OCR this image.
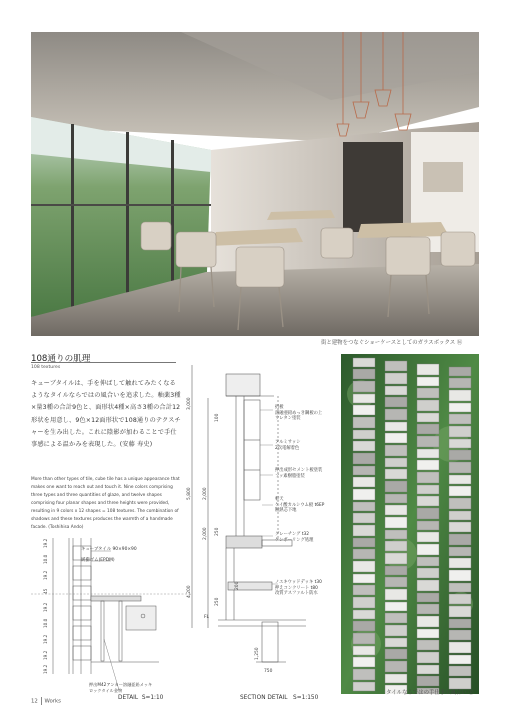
街と建物をつなぐショーケースとしてのガラスボックス ⑯
108通りの肌理
108 textures
キューブタイルは、手を伸ばして触れてみたくなるようなタイルならではの風合いを追求した。釉薬3種×量3種の合計9色と、面形状4種×高さ3種の合計12形状を用意し、9色×12面形状で108通りのテクスチャーを生み出した。これに陰影が加わることで手仕事感による温かみを表現した。(安藤 寿史)
More than other types of tile, cube tile has a unique appearance that makes one want to reach out and touch it. Nine colors comprising three types and three quantities of glaze, and twelve shapes comprising four planar shapes and three heights were provided, resulting in 9 colors x 12 shapes = 108 textures. The combination of shadows and these textures produces the warmth of a handmade facade. (Toshihisa Ando)
19.2
10.0
19.2
45
19.2
10.0
19.2
19.2
19.2
キューブタイル 90×90×90
緩衝ゴム(EPDM)
押出M42アンカー溶融亜鉛メッキ
ロックタイル金物
DETAIL S=1:10
3,000
5,800	2,000
2,000
4,200
100
250
200
250
1,250
750
FL
折板
溶融亜鉛めっき鋼板の上
ウレタン塗装
アルミサッシ
2次電解着色
押出成形セメント板塗装
フッ素樹脂塗装
軒天
ケイ酸カルシウム板 t6EP
断熱芯下地
グレーチング t32
ケンボーリング処理
ノエキウッドデッキ t30
押えコンクリート t80
改質アスファルト防水
SECTION DETAIL S=1:150
タイルならではの手仕事の風合い ⑰
12 Works
